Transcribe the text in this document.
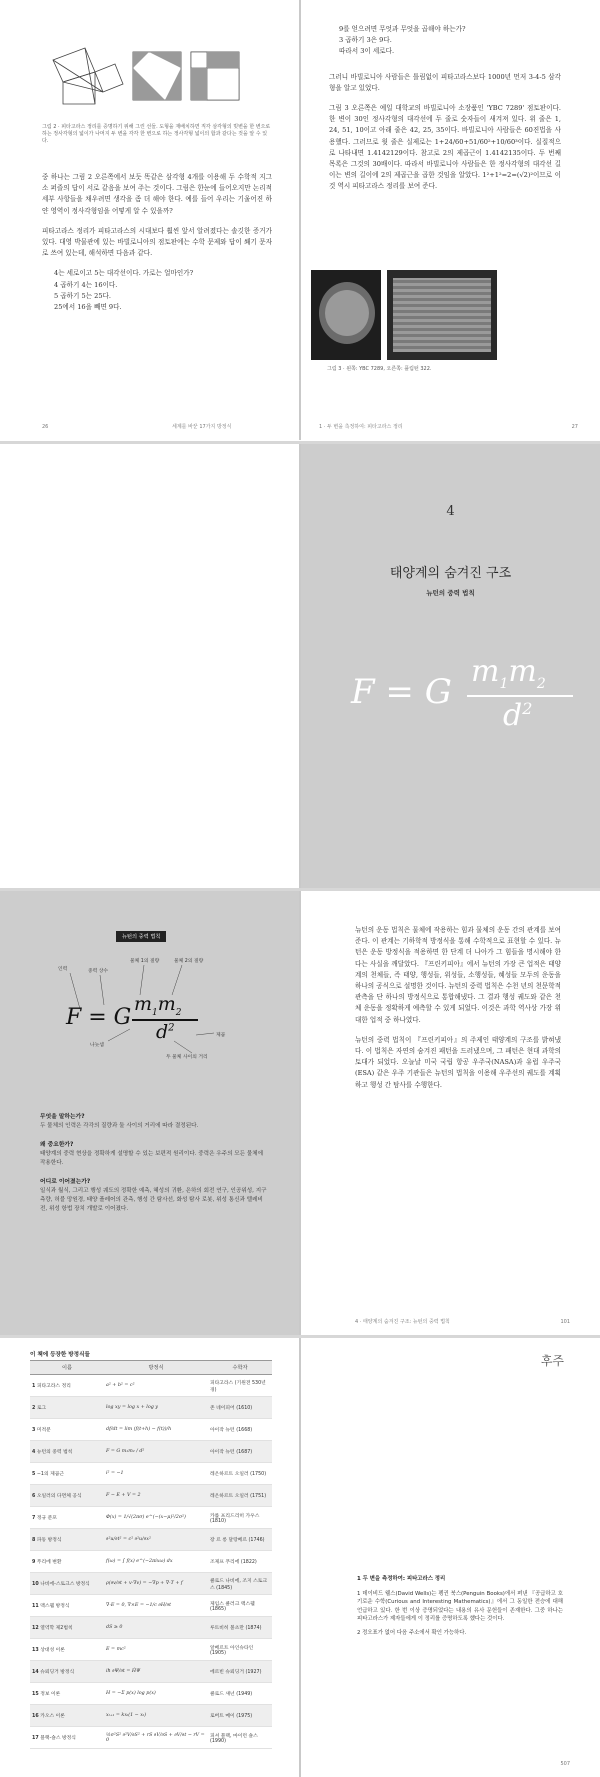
그림 2 · 피타고라스 정리를 증명하기 위해 그린 선들. 도형을 재배치하면 직각 삼각형의 빗변을 한 변으로 하는 정사각형의 넓이가 나머지 두 변을 각각 한 변으로 하는 정사각형 넓이의 합과 같다는 것을 알 수 있다.

중 하나는 그림 2 오른쪽에서 보듯 똑같은 삼각형 4개를 이용해 두 수학적 지그소 퍼즐의 답이 서로 같음을 보여 주는 것이다. 그림은 한눈에 들어오지만 논리적 세부 사항들을 채우려면 생각을 좀 더 해야 한다. 예를 들어 우리는 기울어진 하얀 영역이 정사각형임을 어떻게 알 수 있을까?

피타고라스 정리가 피타고라스의 시대보다 훨씬 앞서 알려졌다는 솔깃한 증거가 있다. 대영 박물관에 있는 바빌로니아의 점토판에는 수학 문제와 답이 쐐기 문자로 쓰여 있는데, 해석하면 다음과 같다.

4는 세로이고 5는 대각선이다. 가로는 얼마인가?

4 곱하기 4는 16이다.

5 곱하기 5는 25다.

25에서 16을 빼면 9다.

26	세계를 바꾼 17가지 방정식

9를 얻으려면 무엇과 무엇을 곱해야 하는가?

3 곱하기 3은 9다.

따라서 3이 세로다.

그러니 바빌로니아 사람들은 틀림없이 피타고라스보다 1000년 먼저 3-4-5 삼각형을 알고 있었다.

그림 3 오른쪽은 예일 대학교의 바빌로니아 소장품인 'YBC 7289' 점토판이다. 한 변이 30인 정사각형의 대각선에 두 줄로 숫자들이 새겨져 있다. 위 줄은 1, 24, 51, 10이고 아래 줄은 42, 25, 35이다. 바빌로니아 사람들은 60진법을 사용했다. 그러므로 윗 줄은 실제로는 1+24/60+51/60²+10/60³이다. 실질적으로 나타내면 1.4142129이다. 참고로 2의 제곱근이 1.4142135이다. 두 번째 목록은 그것의 30배이다. 따라서 바빌로니아 사람들은 한 정사각형의 대각선 길이는 변의 길이에 2의 제곱근을 곱한 것임을 알았다. 1²+1²=2=(√2)²이므로 이것 역시 피타고라스 정리를 보여 준다.

그림 3 · 왼쪽: YBC 7289, 오른쪽: 플림턴 322.
1 · 두 변을 측정하여: 피타고라스 정리	27
4
태양계의 숨겨진 구조
뉴턴의 중력 법칙
F = G
$m_1m_2$
$d^2$
뉴턴의 중력 법칙
인력	중력 상수
물체 1의 질량	물체 2의 질량
나눗셈
제곱
두 물체 사이의 거리
F = G
$m_1m_2$
$d^2$
무엇을 말하는가?

두 물체의 인력은 각각의 질량과 둘 사이의 거리에 따라 결정된다.

왜 중요한가?

태양계의 중력 현상을 정확하게 설명할 수 있는 보편적 원리이다. 중력은 우주의 모든 물체에 작용한다.

어디로 이어졌는가?

일식과 월식, 그리고 행성 궤도의 정확한 예측, 혜성의 귀환, 은하의 회전 연구, 인공위성, 지구 측량, 허블 망원경, 태양 플레어의 관측, 행성 간 탐사선, 화성 탐사 로봇, 위성 통신과 텔레비전, 위성 항법 장치 개발로 이어졌다.

뉴턴의 운동 법칙은 물체에 작용하는 힘과 물체의 운동 간의 관계를 보여 준다. 이 관계는 기하학적 방정식을 통해 수학적으로 표현할 수 있다. 뉴턴은 운동 방정식을 적용하면 한 단계 더 나아가 그 힘들을 명시해야 한다는 사실을 깨달았다. 『프린키피아』에서 뉴턴의 가장 큰 업적은 태양계의 천체들, 즉 태양, 행성들, 위성들, 소행성들, 혜성들 모두의 운동을 하나의 공식으로 설명한 것이다. 뉴턴의 중력 법칙은 수천 년의 천문학적 관측을 단 하나의 방정식으로 통합해냈다. 그 결과 행성 궤도와 같은 천체 운동을 정확하게 예측할 수 있게 되었다. 이것은 과학 역사상 가장 위대한 업적 중 하나였다.

뉴턴의 중력 법칙이 『프린키피아』의 주제인 태양계의 구조를 밝혀냈다. 이 법칙은 자연의 숨겨진 패턴을 드러냈으며, 그 패턴은 현대 과학의 토대가 되었다. 오늘날 미국 국립 항공 우주국(NASA)과 유럽 우주국(ESA) 같은 우주 기관들은 뉴턴의 법칙을 이용해 우주선의 궤도를 계획하고 행성 간 탐사를 수행한다.

4 · 태양계의 숨겨진 구조: 뉴턴의 중력 법칙	101
이 책에 등장한 방정식들
이름	방정식	수학자
1 피타고라스 정리	a² + b² = c²	피타고라스 (기원전 530년경)
2 로그	log xy = log x + log y	존 네이피어 (1610)
3 미적분	df/dt = lim (f(t+h) − f(t))/h	아이작 뉴턴 (1668)
4 뉴턴의 중력 법칙	F = G m₁m₂ / d²	아이작 뉴턴 (1687)
5 −1의 제곱근	i² = −1	레온하르트 오일러 (1750)
6 오일러의 다면체 공식	F − E + V = 2	레온하르트 오일러 (1751)
7 정규 분포	Φ(x) = 1/√(2πσ) e^(−(x−μ)²/2σ²)	카를 프리드리히 가우스 (1810)
8 파동 방정식	∂²u/∂t² = c² ∂²u/∂x²	장 르 롱 달랑베르 (1746)
9 푸리에 변환	f(ω) = ∫ f(x) e^(−2πixω) dx	조제프 푸리에 (1822)
10 나비에-스토크스 방정식	ρ(∂v/∂t + v·∇v) = −∇p + ∇·T + f	클로드 나비에, 조지 스토크스 (1845)
11 맥스웰 방정식	∇·E = 0, ∇×E = −1/c ∂H/∂t	제임스 클러크 맥스웰 (1865)
12 열역학 제2법칙	dS ≥ 0	루트비히 볼츠만 (1874)
13 상대성 이론	E = mc²	알베르트 아인슈타인 (1905)
14 슈뢰딩거 방정식	iħ ∂Ψ/∂t = ĤΨ	에르빈 슈뢰딩거 (1927)
15 정보 이론	H = −Σ p(x) log p(x)	클로드 섀넌 (1949)
16 카오스 이론	xₜ₊₁ = kxₜ(1 − xₜ)	로버트 메이 (1975)
17 블랙-숄스 방정식	½σ²S² ∂²V/∂S² + rS ∂V/∂S + ∂V/∂t − rV = 0	피셔 블랙, 마이런 숄스 (1990)
후주
1 두 변을 측정하여: 피타고라스 정리

1 데이비드 웰스(David Wells)는 펭귄 북스(Penguin Books)에서 펴낸 『공급하고 호기로운 수학(Curious and Interesting Mathematics)』에서 그 동일한 전승에 대해 언급하고 있다. 한 번 이상 증명되었다는 내용의 유사 문헌들이 존재한다. 그중 하나는 피타고라스가 제자들에게 이 정리를 증명하도록 했다는 것이다.

2 정오표가 없어 다음 주소에서 확인 가능하다.

507
